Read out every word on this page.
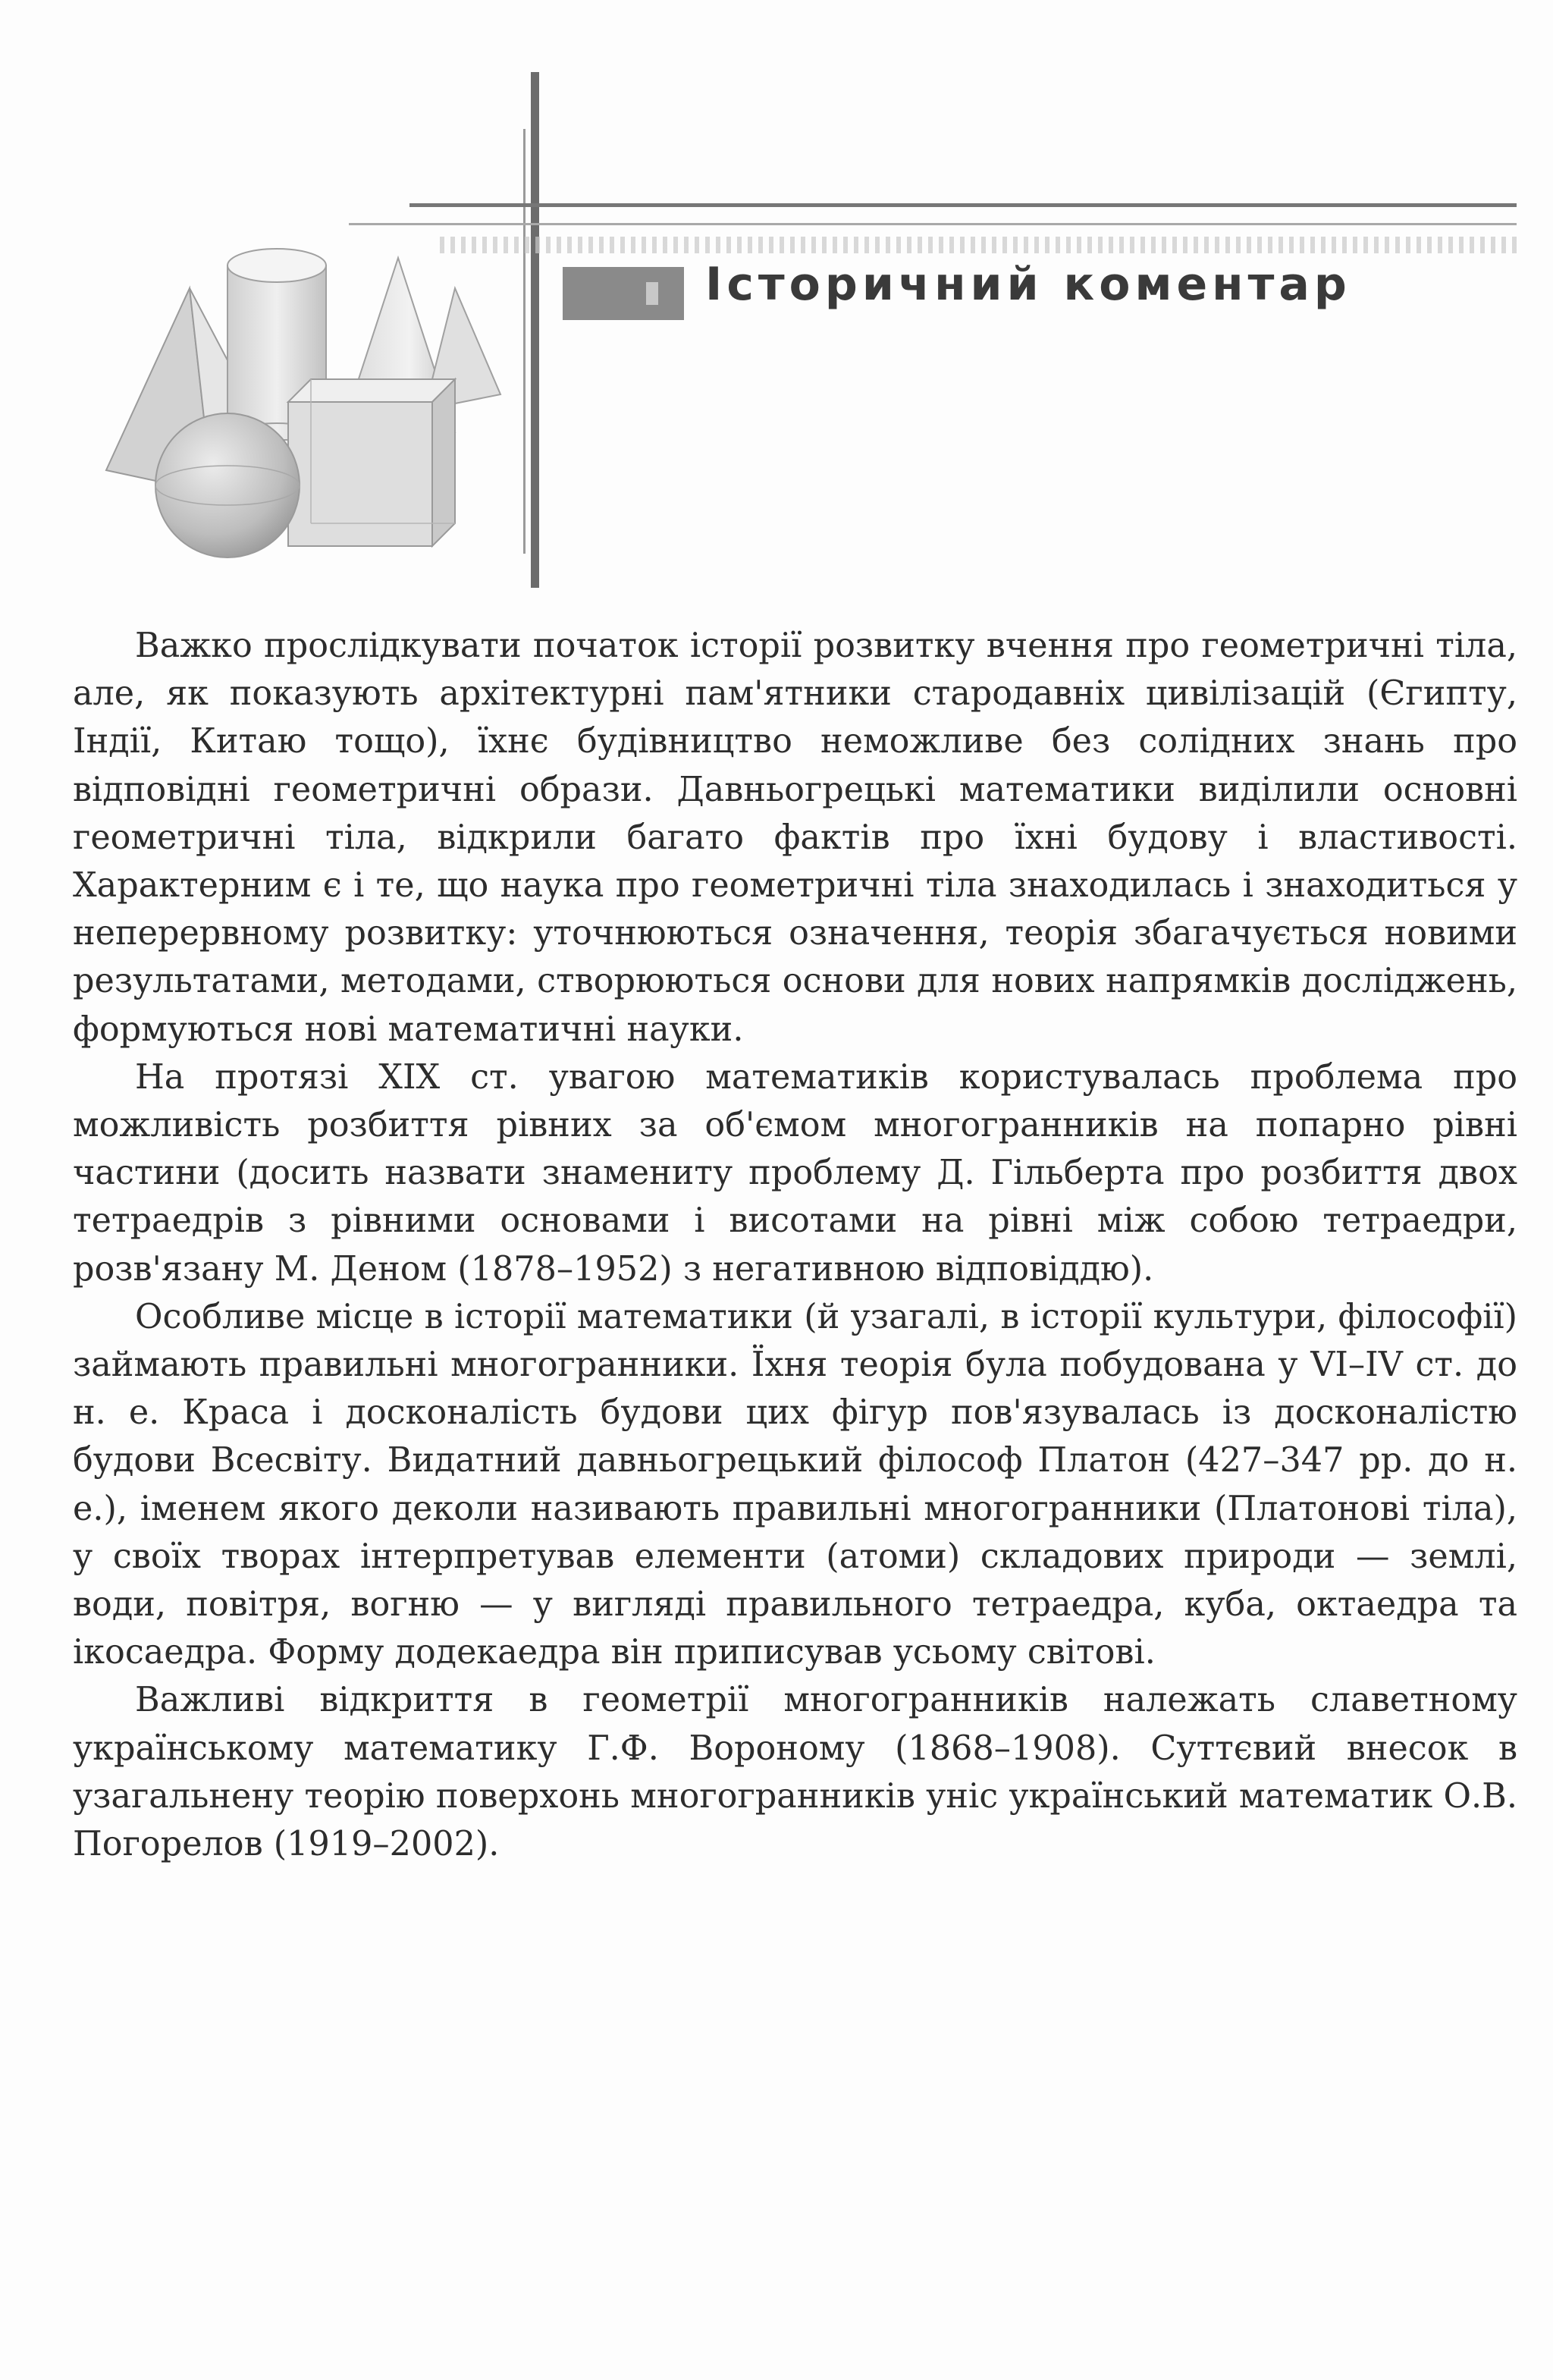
Історичний коментар

Важко прослідкувати початок історії розвитку вчення про геометричні тіла, але, як показують архітектурні пам'ятники стародавніх цивілізацій (Єгипту, Індії, Китаю тощо), їхнє будівництво неможливе без солідних знань про відповідні геометричні образи. Давньогрецькі математики виділили основні геометричні тіла, відкрили багато фактів про їхні будову і властивості. Характерним є і те, що наука про геометричні тіла знаходилась і знаходиться у неперервному розвитку: уточнюються означення, теорія збагачується новими результатами, методами, створюються основи для нових напрямків досліджень, формуються нові математичні науки.

На протязі XIX ст. увагою математиків користувалась проблема про можливість розбиття рівних за об'ємом многогранників на попарно рівні частини (досить назвати знамениту проблему Д. Гільберта про розбиття двох тетраедрів з рівними основами і висотами на рівні між собою тетраедри, розв'язану М. Деном (1878–1952) з негативною відповіддю).

Особливе місце в історії математики (й узагалі, в історії культури, філософії) займають правильні многогранники. Їхня теорія була побудована у VI–IV ст. до н. е. Краса і досконалість будови цих фігур пов'язувалась із досконалістю будови Всесвіту. Видатний давньогрецький філософ Платон (427–347 рр. до н. е.), іменем якого деколи називають правильні многогранники (Платонові тіла), у своїх творах інтерпретував елементи (атоми) складових природи — землі, води, повітря, вогню — у вигляді правильного тетраедра, куба, октаедра та ікосаедра. Форму додекаедра він приписував усьому світові.

Важливі відкриття в геометрії многогранників належать славетному українському математику Г.Ф. Вороному (1868–1908). Суттєвий внесок в узагальнену теорію поверхонь многогранників уніс український математик О.В. Погорелов (1919–2002).
